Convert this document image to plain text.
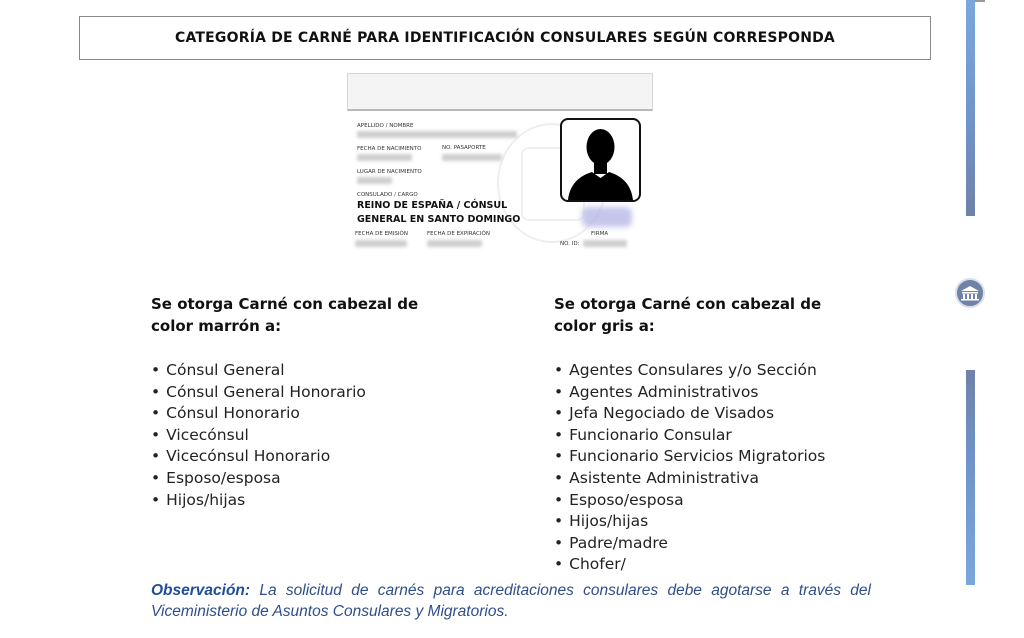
CATEGORÍA DE CARNÉ PARA IDENTIFICACIÓN CONSULARES SEGÚN CORRESPONDA
APELLIDO / NOMBRE
FECHA DE NACIMIENTO	NO. PASAPORTE
LUGAR DE NACIMIENTO
CONSULADO / CARGO
REINO DE ESPAÑA / CÓNSUL
GENERAL EN SANTO DOMINGO
FECHA DE EMISIÓN	FECHA DE EXPIRACIÓN	FIRMA
NO. ID:
Se otorga Carné con cabezal de
color marrón a:
• Cónsul General
• Cónsul General Honorario
• Cónsul Honorario
• Vicecónsul
• Vicecónsul Honorario
• Esposo/esposa
• Hijos/hijas
Se otorga Carné con cabezal de
color gris a:
• Agentes Consulares y/o Sección
• Agentes Administrativos
• Jefa Negociado de Visados
• Funcionario Consular
• Funcionario Servicios Migratorios
• Asistente Administrativa
• Esposo/esposa
• Hijos/hijas
• Padre/madre
• Chofer/
Observación: La solicitud de carnés para acreditaciones consulares debe agotarse a través del
Viceministerio de Asuntos Consulares y Migratorios.
